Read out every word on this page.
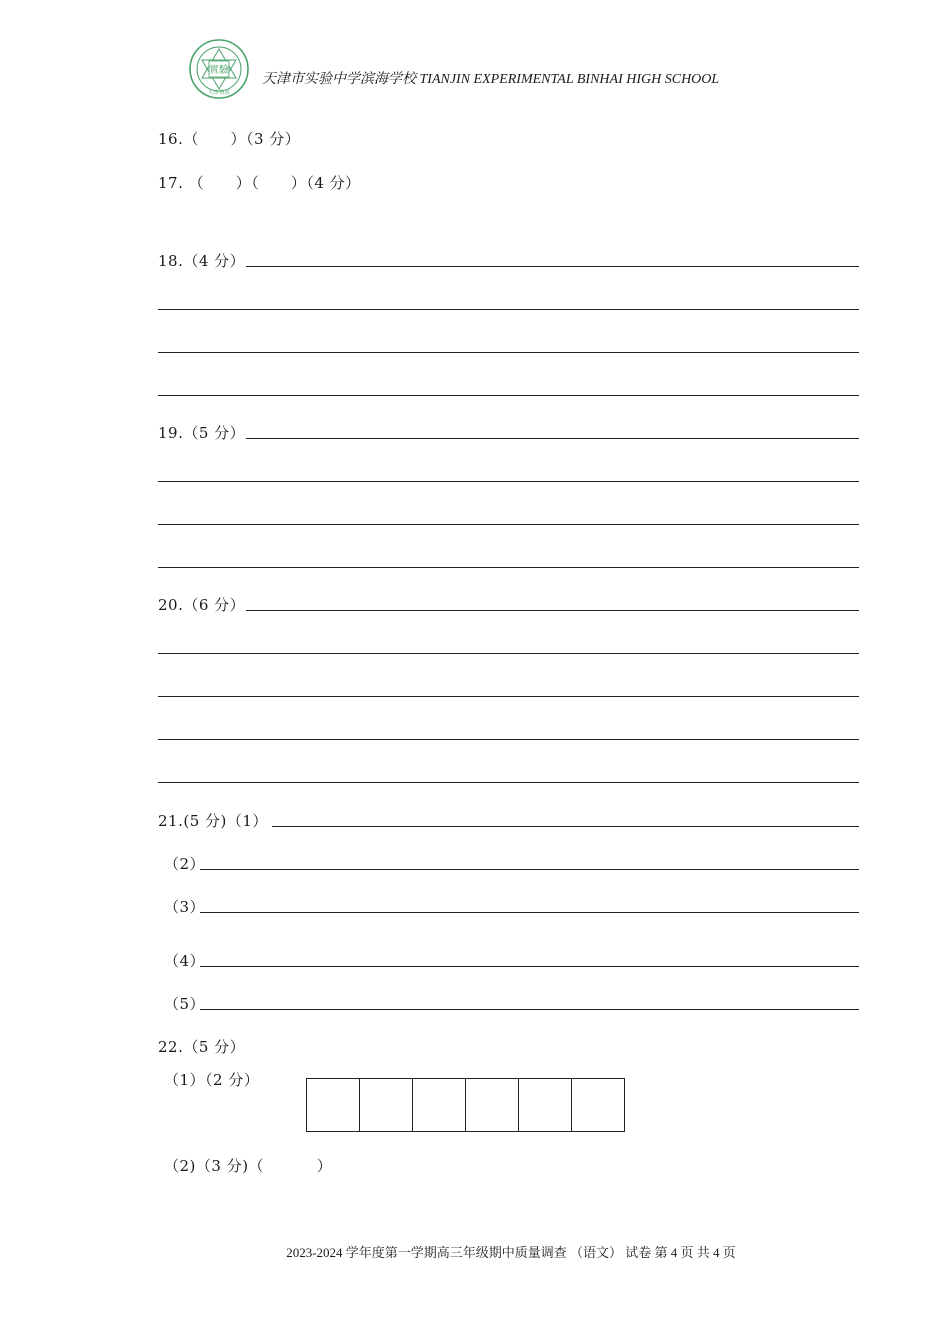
實驗
天津·濱海
天津市实验中学滨海学校 TIANJIN EXPERIMENTAL BINHAI HIGH SCHOOL
16.（      ）（3 分）
17. （      ）（      ）（4 分）
18.（4 分）
19.（5 分）
20.（6 分）
21.(5 分)（1）
（2）
（3）
（4）
（5）
22.（5 分）
（1）（2 分）
（2)（3 分)（          ）
2023-2024 学年度第一学期高三年级期中质量调查 （语文） 试卷 第 4 页 共 4 页
